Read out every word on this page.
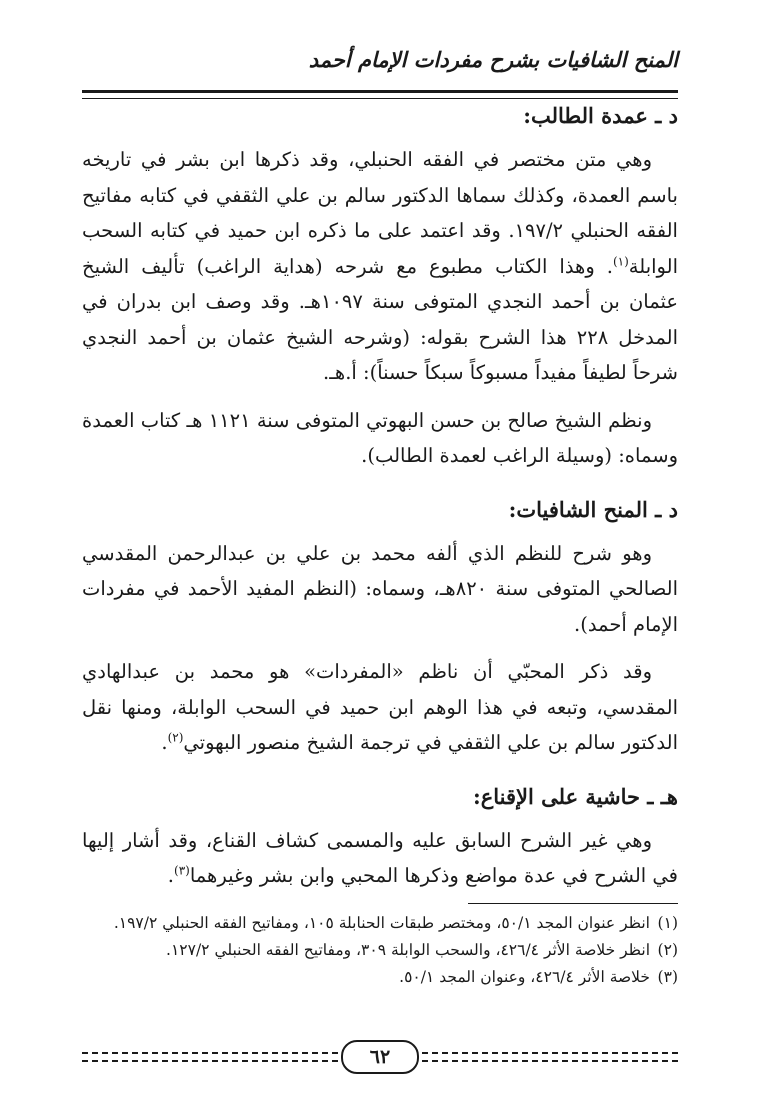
المنح الشافيات بشرح مفردات الإمام أحمد
د ـ عمدة الطالب:

وهي متن مختصر في الفقه الحنبلي، وقد ذكرها ابن بشر في تاريخه باسم العمدة، وكذلك سماها الدكتور سالم بن علي الثقفي في كتابه مفاتيح الفقه الحنبلي ١٩٧/٢. وقد اعتمد على ما ذكره ابن حميد في كتابه السحب الوابلة$^{(١)}$. وهذا الكتاب مطبوع مع شرحه (هداية الراغب) تأليف الشيخ عثمان بن أحمد النجدي المتوفى سنة ١٠٩٧هـ. وقد وصف ابن بدران في المدخل ٢٢٨ هذا الشرح بقوله: (وشرحه الشيخ عثمان بن أحمد النجدي شرحاً لطيفاً مفيداً مسبوكاً سبكاً حسناً): أ.هـ.

ونظم الشيخ صالح بن حسن البهوتي المتوفى سنة ١١٢١ هـ كتاب العمدة وسماه: (وسيلة الراغب لعمدة الطالب).

د ـ المنح الشافيات:

وهو شرح للنظم الذي ألفه محمد بن علي بن عبدالرحمن المقدسي الصالحي المتوفى سنة ٨٢٠هـ، وسماه: (النظم المفيد الأحمد في مفردات الإمام أحمد).

وقد ذكر المحبّي أن ناظم «المفردات» هو محمد بن عبدالهادي المقدسي، وتبعه في هذا الوهم ابن حميد في السحب الوابلة، ومنها نقل الدكتور سالم بن علي الثقفي في ترجمة الشيخ منصور البهوتي$^{(٢)}$.

هـ ـ حاشية على الإقناع:

وهي غير الشرح السابق عليه والمسمى كشاف القناع، وقد أشار إليها في الشرح في عدة مواضع وذكرها المحبي وابن بشر وغيرهما$^{(٣)}$.

(١)
انظر عنوان المجد ٥٠/١، ومختصر طبقات الحنابلة ١٠٥، ومفاتيح الفقه الحنبلي ١٩٧/٢.
(٢)
انظر خلاصة الأثر ٤٢٦/٤، والسحب الوابلة ٣٠٩، ومفاتيح الفقه الحنبلي ١٢٧/٢.
(٣)
خلاصة الأثر ٤٢٦/٤، وعنوان المجد ٥٠/١.
٦٢
